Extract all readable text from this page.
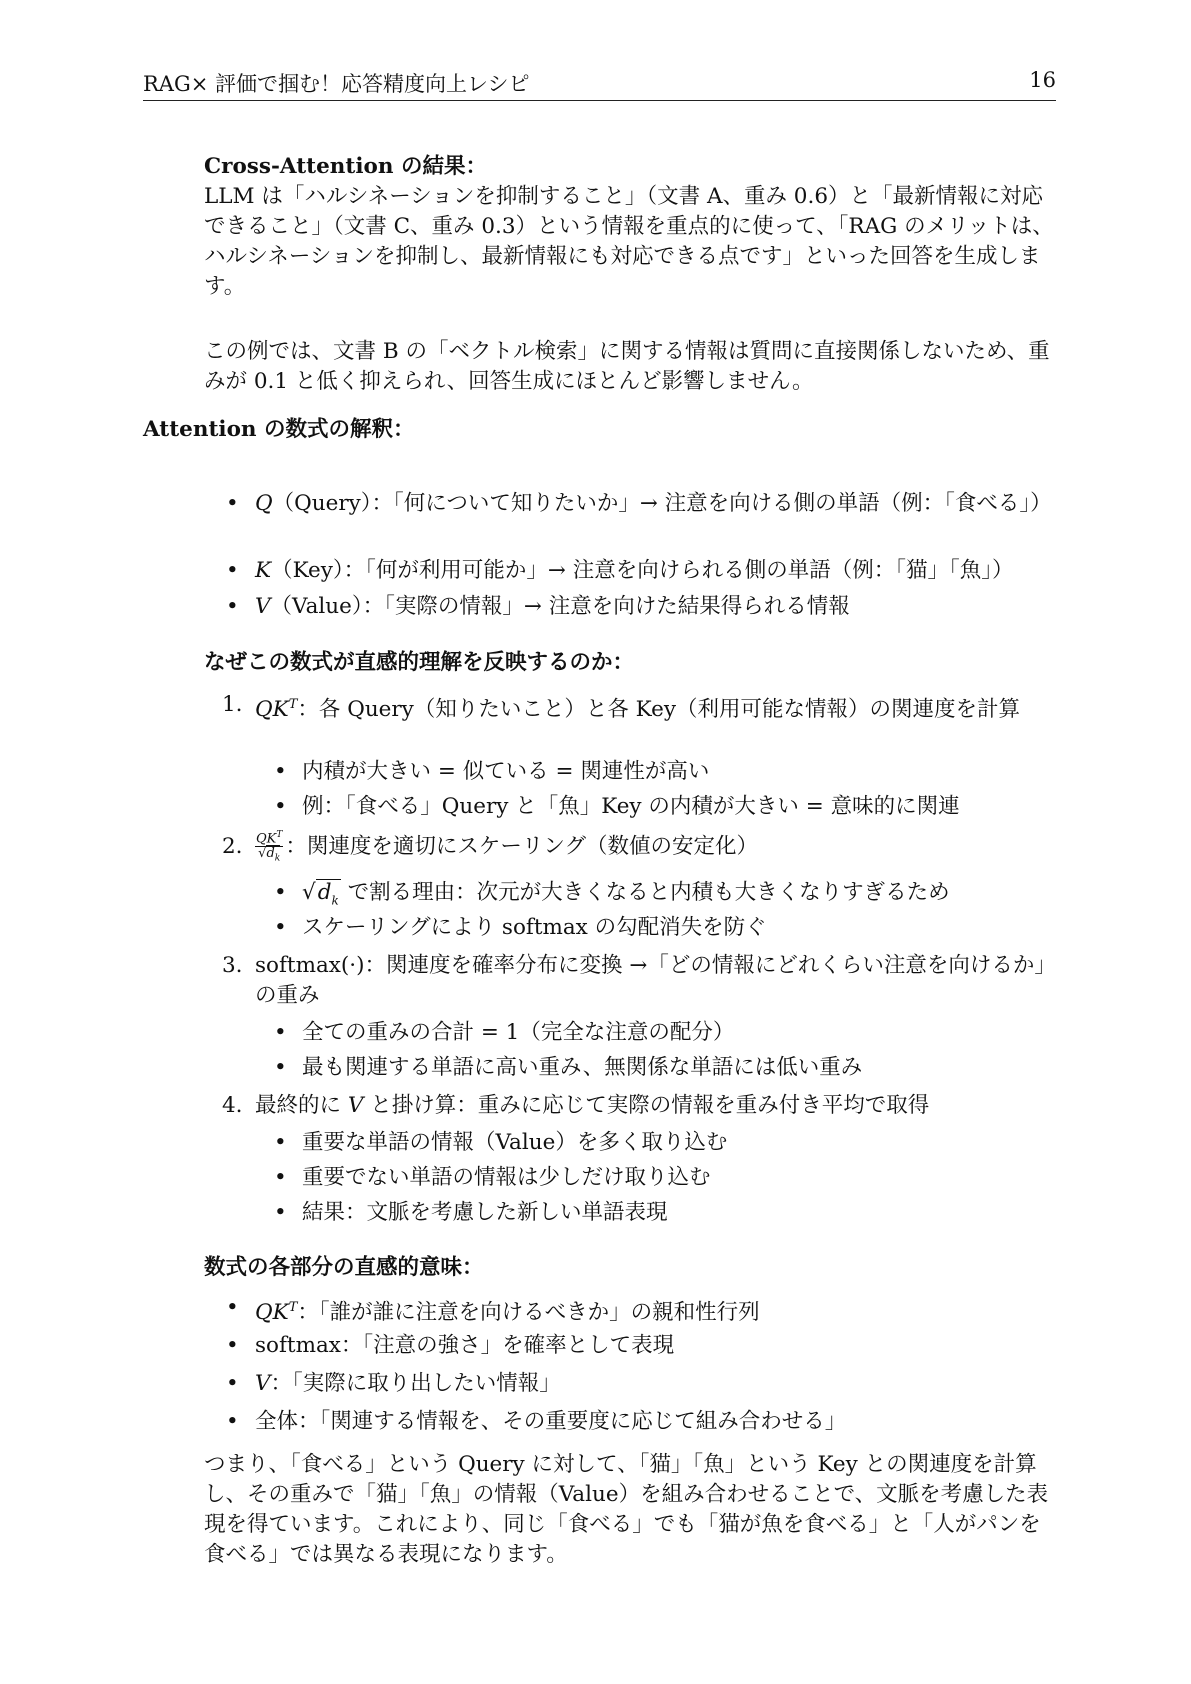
RAG× 評価で掴む！応答精度向上レシピ	16
Cross-Attention の結果：
LLM は「ハルシネーションを抑制すること」（文書 A、重み 0.6）と「最新情報に対応できること」（文書 C、重み 0.3）という情報を重点的に使って、「RAG のメリットは、ハルシネーションを抑制し、最新情報にも対応できる点です」といった回答を生成します。
この例では、文書 B の「ベクトル検索」に関する情報は質問に直接関係しないため、重みが 0.1 と低く抑えられ、回答生成にほとんど影響しません。
Attention の数式の解釈：
• Q（Query）：「何について知りたいか」→ 注意を向ける側の単語（例：「食べる」）
• K（Key）：「何が利用可能か」→ 注意を向けられる側の単語（例：「猫」「魚」）
• V（Value）：「実際の情報」→ 注意を向けた結果得られる情報
なぜこの数式が直感的理解を反映するのか：
1. $QK^T$：各 Query（知りたいこと）と各 Key（利用可能な情報）の関連度を計算
• 内積が大きい = 似ている = 関連性が高い
• 例：「食べる」Query と「魚」Key の内積が大きい = 意味的に関連
2. $\frac{QK^T}{√d_k}$ ：関連度を適切にスケーリング（数値の安定化）
• $√d_k$ で割る理由：次元が大きくなると内積も大きくなりすぎるため
• スケーリングにより softmax の勾配消失を防ぐ
3. softmax(·)：関連度を確率分布に変換 →「どの情報にどれくらい注意を向けるか」の重み
• 全ての重みの合計 = 1（完全な注意の配分）
• 最も関連する単語に高い重み、無関係な単語には低い重み
4. 最終的に V と掛け算：重みに応じて実際の情報を重み付き平均で取得
• 重要な単語の情報（Value）を多く取り込む
• 重要でない単語の情報は少しだけ取り込む
• 結果：文脈を考慮した新しい単語表現
数式の各部分の直感的意味：
• $QK^T$：「誰が誰に注意を向けるべきか」の親和性行列
• softmax：「注意の強さ」を確率として表現
• V：「実際に取り出したい情報」
• 全体：「関連する情報を、その重要度に応じて組み合わせる」
つまり、「食べる」という Query に対して、「猫」「魚」という Key との関連度を計算し、その重みで「猫」「魚」の情報（Value）を組み合わせることで、文脈を考慮した表現を得ています。これにより、同じ「食べる」でも「猫が魚を食べる」と「人がパンを食べる」では異なる表現になります。
